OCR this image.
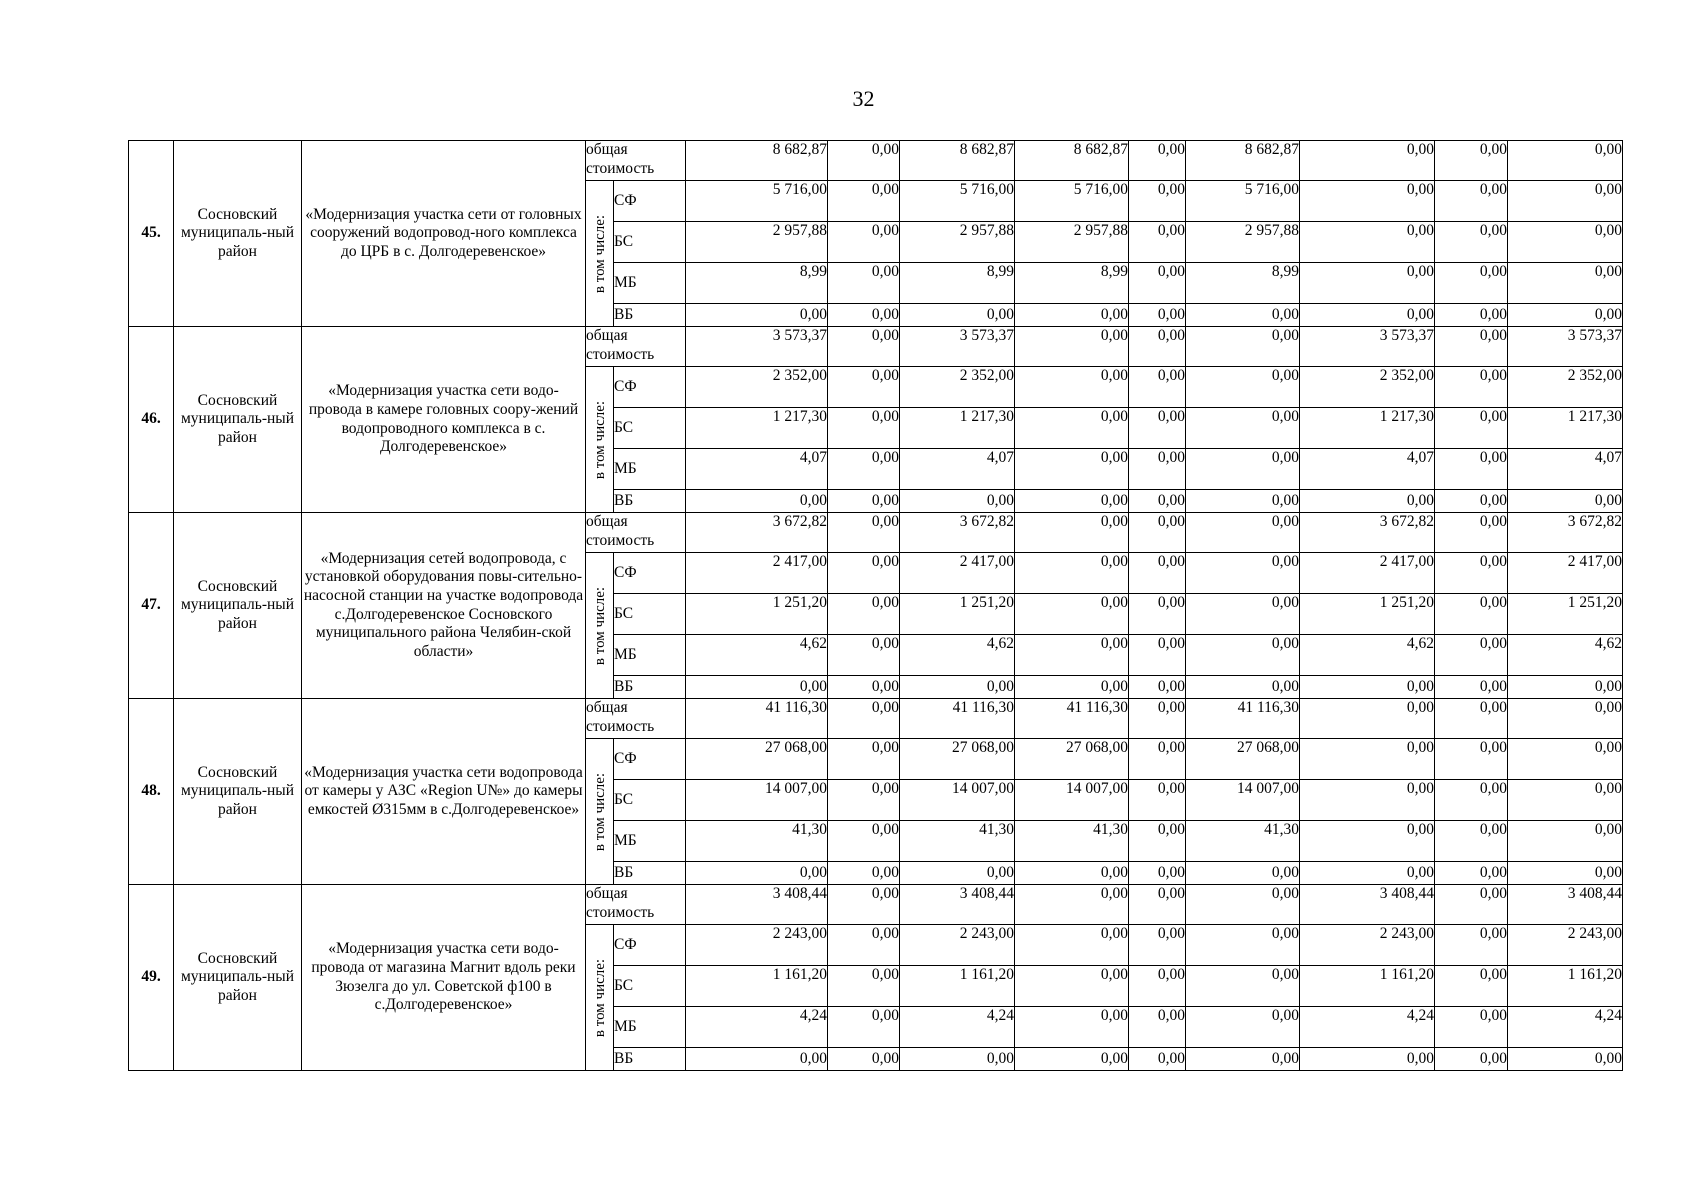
32
45.	Сосновский муниципаль-ный район	«Модернизация участка сети от головных сооружений водопровод-ного комплекса до ЦРБ в с. Долгодеревенское»	общая стоимость		8 682,87	0,00	8 682,87	8 682,87	0,00	8 682,87	0,00	0,00	0,00

			в том числе:	СФ	5 716,00	0,00	5 716,00	5 716,00	0,00	5 716,00	0,00	0,00	0,00
				БС	2 957,88	0,00	2 957,88	2 957,88	0,00	2 957,88	0,00	0,00	0,00
				МБ	8,99	0,00	8,99	8,99	0,00	8,99	0,00	0,00	0,00
				ВБ	0,00	0,00	0,00	0,00	0,00	0,00	0,00	0,00	0,00
46.	Сосновский муниципаль-ный район	«Модернизация участка сети водо-провода в камере головных соору-жений водопроводного комплекса в с. Долгодеревенское»	общая стоимость		3 573,37	0,00	3 573,37	0,00	0,00	0,00	3 573,37	0,00	3 573,37

			в том числе:	СФ	2 352,00	0,00	2 352,00	0,00	0,00	0,00	2 352,00	0,00	2 352,00
				БС	1 217,30	0,00	1 217,30	0,00	0,00	0,00	1 217,30	0,00	1 217,30
				МБ	4,07	0,00	4,07	0,00	0,00	0,00	4,07	0,00	4,07
				ВБ	0,00	0,00	0,00	0,00	0,00	0,00	0,00	0,00	0,00
47.	Сосновский муниципаль-ный район	«Модернизация сетей водопровода, с установкой оборудования повы-сительно-насосной станции на участке водопровода с.Долгодеревенское Сосновского муниципального района Челябин-ской области»	общая стоимость		3 672,82	0,00	3 672,82	0,00	0,00	0,00	3 672,82	0,00	3 672,82

			в том числе:	СФ	2 417,00	0,00	2 417,00	0,00	0,00	0,00	2 417,00	0,00	2 417,00
				БС	1 251,20	0,00	1 251,20	0,00	0,00	0,00	1 251,20	0,00	1 251,20
				МБ	4,62	0,00	4,62	0,00	0,00	0,00	4,62	0,00	4,62
				ВБ	0,00	0,00	0,00	0,00	0,00	0,00	0,00	0,00	0,00
48.	Сосновский муниципаль-ный район	«Модернизация участка сети водопровода от камеры у АЗС «Region U№» до камеры емкостей Ø315мм в с.Долгодеревенское»	общая стоимость		41 116,30	0,00	41 116,30	41 116,30	0,00	41 116,30	0,00	0,00	0,00

			в том числе:	СФ	27 068,00	0,00	27 068,00	27 068,00	0,00	27 068,00	0,00	0,00	0,00
				БС	14 007,00	0,00	14 007,00	14 007,00	0,00	14 007,00	0,00	0,00	0,00
				МБ	41,30	0,00	41,30	41,30	0,00	41,30	0,00	0,00	0,00
				ВБ	0,00	0,00	0,00	0,00	0,00	0,00	0,00	0,00	0,00
49.	Сосновский муниципаль-ный район	«Модернизация участка сети водо-провода от магазина Магнит вдоль реки Зюзелга до ул. Советской ф100 в с.Долгодеревенское»	общая стоимость		3 408,44	0,00	3 408,44	0,00	0,00	0,00	3 408,44	0,00	3 408,44

			в том числе:	СФ	2 243,00	0,00	2 243,00	0,00	0,00	0,00	2 243,00	0,00	2 243,00
				БС	1 161,20	0,00	1 161,20	0,00	0,00	0,00	1 161,20	0,00	1 161,20
				МБ	4,24	0,00	4,24	0,00	0,00	0,00	4,24	0,00	4,24
				ВБ	0,00	0,00	0,00	0,00	0,00	0,00	0,00	0,00	0,00
